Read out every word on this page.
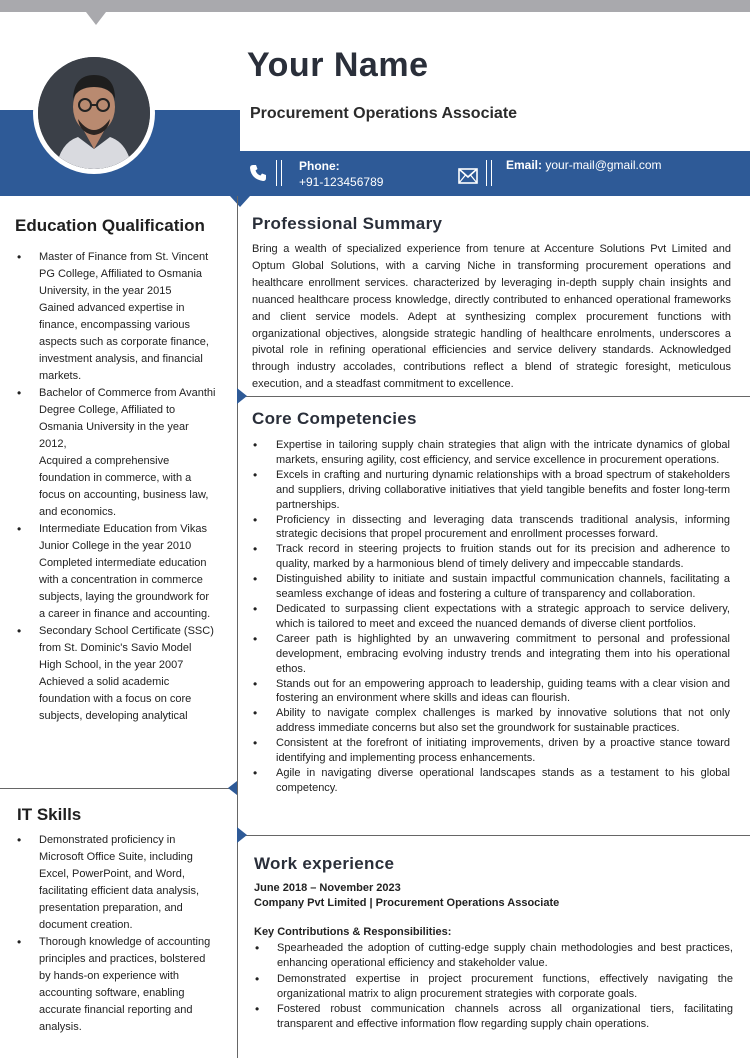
Your Name
Procurement Operations Associate
Phone:
+91-123456789
Email: your-mail@gmail.com
Education Qualification
• Master of Finance from St. Vincent PG College, Affiliated to Osmania University, in the year 2015
Gained advanced expertise in finance, encompassing various aspects such as corporate finance, investment analysis, and financial markets.
• Bachelor of Commerce from Avanthi Degree College, Affiliated to Osmania University in the year 2012,
Acquired a comprehensive foundation in commerce, with a focus on accounting, business law, and economics.
• Intermediate Education from Vikas Junior College in the year 2010
Completed intermediate education with a concentration in commerce subjects, laying the groundwork for a career in finance and accounting.
• Secondary School Certificate (SSC) from St. Dominic's Savio Model High School, in the year 2007
Achieved a solid academic foundation with a focus on core subjects, developing analytical
IT Skills
• Demonstrated proficiency in Microsoft Office Suite, including Excel, PowerPoint, and Word, facilitating efficient data analysis, presentation preparation, and document creation.
• Thorough knowledge of accounting principles and practices, bolstered by hands-on experience with accounting software, enabling accurate financial reporting and analysis.
Professional Summary
Bring a wealth of specialized experience from tenure at Accenture Solutions Pvt Limited and Optum Global Solutions, with a carving Niche in transforming procurement operations and healthcare enrollment services. characterized by leveraging in-depth supply chain insights and nuanced healthcare process knowledge, directly contributed to enhanced operational frameworks and client service models. Adept at synthesizing complex procurement functions with organizational objectives, alongside strategic handling of healthcare enrolments, underscores a pivotal role in refining operational efficiencies and service delivery standards. Acknowledged through industry accolades, contributions reflect a blend of strategic foresight, meticulous execution, and a steadfast commitment to excellence.
Core Competencies
• Expertise in tailoring supply chain strategies that align with the intricate dynamics of global markets, ensuring agility, cost efficiency, and service excellence in procurement operations.
• Excels in crafting and nurturing dynamic relationships with a broad spectrum of stakeholders and suppliers, driving collaborative initiatives that yield tangible benefits and foster long-term partnerships.
• Proficiency in dissecting and leveraging data transcends traditional analysis, informing strategic decisions that propel procurement and enrollment processes forward.
• Track record in steering projects to fruition stands out for its precision and adherence to quality, marked by a harmonious blend of timely delivery and impeccable standards.
• Distinguished ability to initiate and sustain impactful communication channels, facilitating a seamless exchange of ideas and fostering a culture of transparency and collaboration.
• Dedicated to surpassing client expectations with a strategic approach to service delivery, which is tailored to meet and exceed the nuanced demands of diverse client portfolios.
• Career path is highlighted by an unwavering commitment to personal and professional development, embracing evolving industry trends and integrating them into his operational ethos.
• Stands out for an empowering approach to leadership, guiding teams with a clear vision and fostering an environment where skills and ideas can flourish.
• Ability to navigate complex challenges is marked by innovative solutions that not only address immediate concerns but also set the groundwork for sustainable practices.
• Consistent at the forefront of initiating improvements, driven by a proactive stance toward identifying and implementing process enhancements.
• Agile in navigating diverse operational landscapes stands as a testament to his global competency.
Work experience
June 2018 – November 2023
Company Pvt Limited | Procurement Operations Associate
Key Contributions & Responsibilities:
• Spearheaded the adoption of cutting-edge supply chain methodologies and best practices, enhancing operational efficiency and stakeholder value.
• Demonstrated expertise in project procurement functions, effectively navigating the organizational matrix to align procurement strategies with corporate goals.
• Fostered robust communication channels across all organizational tiers, facilitating transparent and effective information flow regarding supply chain operations.
